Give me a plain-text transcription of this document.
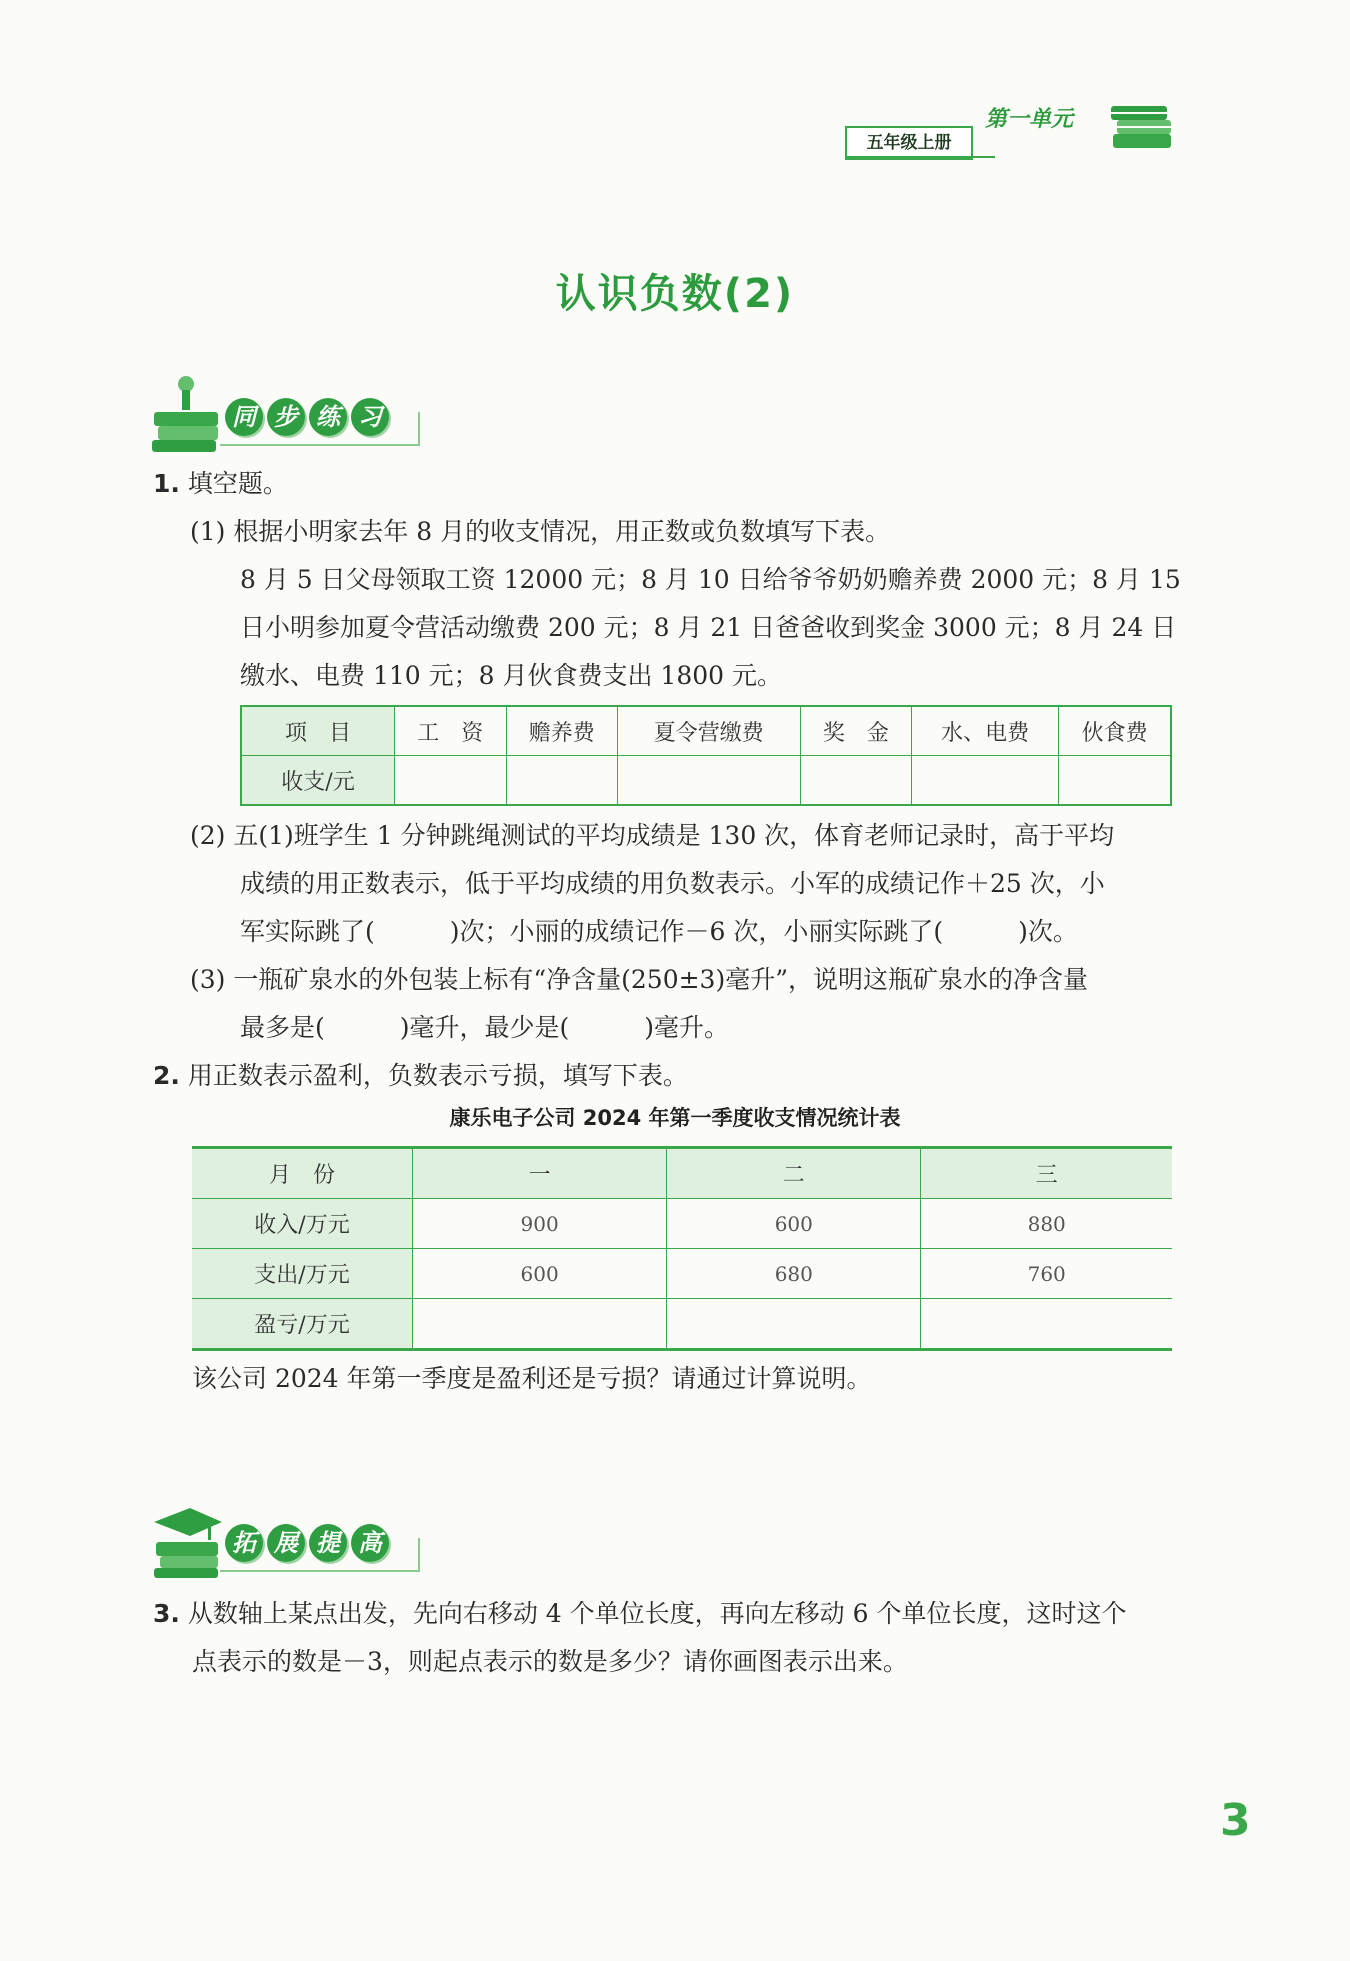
五年级上册
第一单元
认识负数(2)
同 步 练 习
1. 填空题。
(1) 根据小明家去年 8 月的收支情况，用正数或负数填写下表。
8 月 5 日父母领取工资 12000 元；8 月 10 日给爷爷奶奶赡养费 2000 元；8 月 15
日小明参加夏令营活动缴费 200 元；8 月 21 日爸爸收到奖金 3000 元；8 月 24 日
缴水、电费 110 元；8 月伙食费支出 1800 元。
项　目	工　资	赡养费	夏令营缴费	奖　金	水、电费	伙食费
收支/元						
(2) 五(1)班学生 1 分钟跳绳测试的平均成绩是 130 次，体育老师记录时，高于平均
成绩的用正数表示，低于平均成绩的用负数表示。小军的成绩记作＋25 次，小
军实际跳了(　　　)次；小丽的成绩记作－6 次，小丽实际跳了(　　　)次。
(3) 一瓶矿泉水的外包装上标有“净含量(250±3)毫升”，说明这瓶矿泉水的净含量
最多是(　　　)毫升，最少是(　　　)毫升。
2. 用正数表示盈利，负数表示亏损，填写下表。
康乐电子公司 2024 年第一季度收支情况统计表
月　份	一	二	三
收入/万元	900	600	880
支出/万元	600	680	760
盈亏/万元			
该公司 2024 年第一季度是盈利还是亏损？请通过计算说明。
拓 展 提 高
3. 从数轴上某点出发，先向右移动 4 个单位长度，再向左移动 6 个单位长度，这时这个
点表示的数是－3，则起点表示的数是多少？请你画图表示出来。
3
